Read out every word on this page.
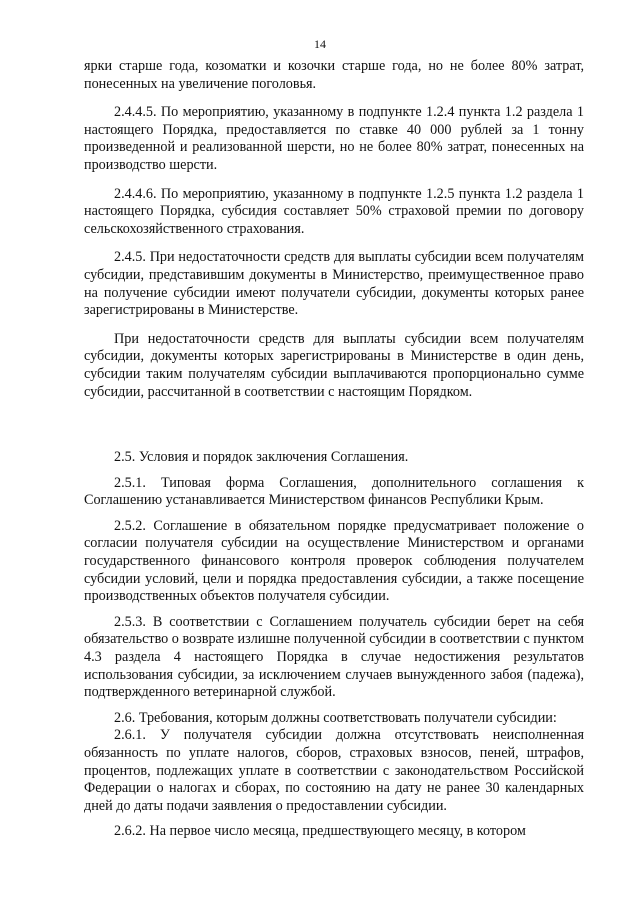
14

ярки старше года, козоматки и козочки старше года, но не более 80% затрат, понесенных на увеличение поголовья.

2.4.4.5. По мероприятию, указанному в подпункте 1.2.4 пункта 1.2 раздела 1 настоящего Порядка, предоставляется по ставке 40 000 рублей за 1 тонну произведенной и реализованной шерсти, но не более 80% затрат, понесенных на производство шерсти.

2.4.4.6. По мероприятию, указанному в подпункте 1.2.5 пункта 1.2 раздела 1 настоящего Порядка, субсидия составляет 50% страховой премии по договору сельскохозяйственного страхования.

2.4.5. При недостаточности средств для выплаты субсидии всем получателям субсидии, представившим документы в Министерство, преимущественное право на получение субсидии имеют получатели субсидии, документы которых ранее зарегистрированы в Министерстве.

При недостаточности средств для выплаты субсидии всем получателям субсидии, документы которых зарегистрированы в Министерстве в один день, субсидии таким получателям субсидии выплачиваются пропорционально сумме субсидии, рассчитанной в соответствии с настоящим Порядком.

2.5. Условия и порядок заключения Соглашения.

2.5.1. Типовая форма Соглашения, дополнительного соглашения к Соглашению устанавливается Министерством финансов Республики Крым.

2.5.2. Соглашение в обязательном порядке предусматривает положение о согласии получателя субсидии на осуществление Министерством и органами государственного финансового контроля проверок соблюдения получателем субсидии условий, цели и порядка предоставления субсидии, а также посещение производственных объектов получателя субсидии.

2.5.3. В соответствии с Соглашением получатель субсидии берет на себя обязательство о возврате излишне полученной субсидии в соответствии с пунктом 4.3 раздела 4 настоящего Порядка в случае недостижения результатов использования субсидии, за исключением случаев вынужденного забоя (падежа), подтвержденного ветеринарной службой.

2.6. Требования, которым должны соответствовать получатели субсидии:

2.6.1. У получателя субсидии должна отсутствовать неисполненная обязанность по уплате налогов, сборов, страховых взносов, пеней, штрафов, процентов, подлежащих уплате в соответствии с законодательством Российской Федерации о налогах и сборах, по состоянию на дату не ранее 30 календарных дней до даты подачи заявления о предоставлении субсидии.

2.6.2. На первое число месяца, предшествующего месяцу, в котором
